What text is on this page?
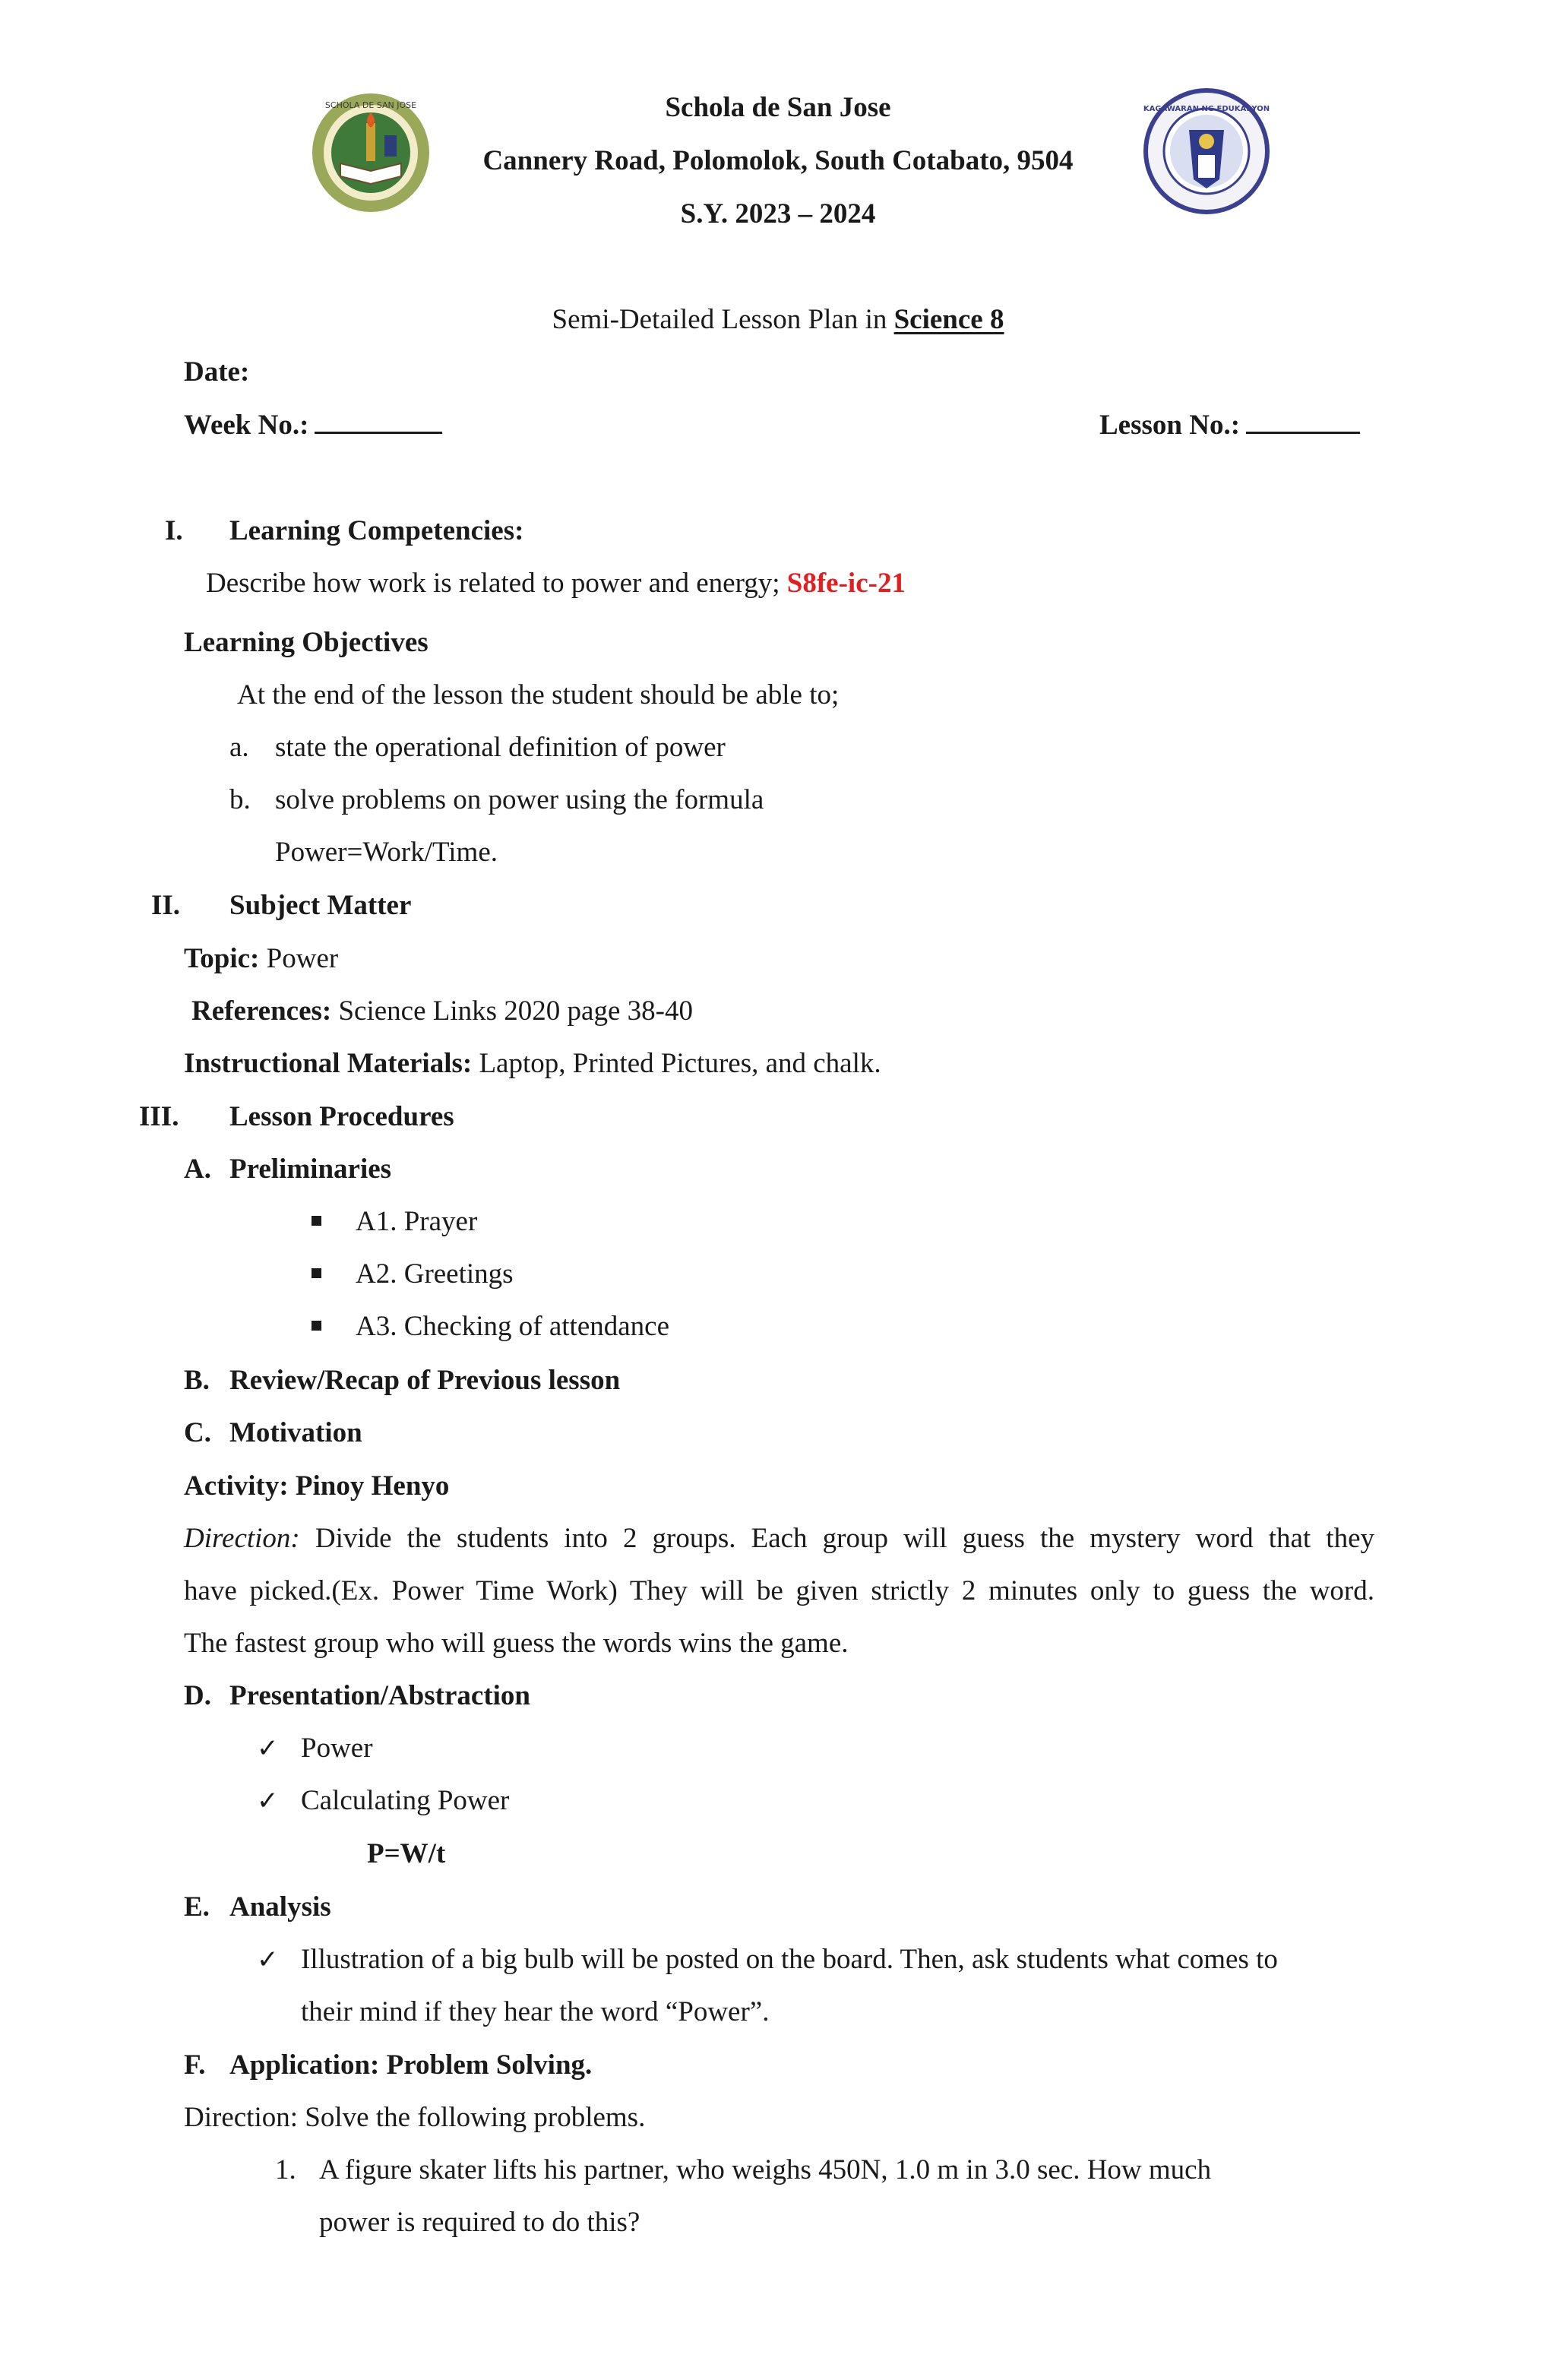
SCHOLA DE SAN JOSE	KAGAWARAN NG EDUKASYON
Schola de San Jose
Cannery Road, Polomolok, South Cotabato, 9504
S.Y. 2023 – 2024
Semi-Detailed Lesson Plan in Science 8
Date:
Week No.:	Lesson No.:
I. Learning Competencies:
Describe how work is related to power and energy; S8fe-ic-21
Learning Objectives
At the end of the lesson the student should be able to;
a. state the operational definition of power
b. solve problems on power using the formula
Power=Work/Time.
II. Subject Matter
Topic: Power
References: Science Links 2020 page 38-40
Instructional Materials: Laptop, Printed Pictures, and chalk.
III. Lesson Procedures
A. Preliminaries
A1. Prayer
A2. Greetings
A3. Checking of attendance
B. Review/Recap of Previous lesson
C. Motivation
Activity: Pinoy Henyo
Direction: Divide the students into 2 groups. Each group will guess the mystery word that they
have picked.(Ex. Power Time Work) They will be given strictly 2 minutes only to guess the word.
The fastest group who will guess the words wins the game.
D. Presentation/Abstraction
✓ Power
✓ Calculating Power
P=W/t
E. Analysis
✓ Illustration of a big bulb will be posted on the board. Then, ask students what comes to
their mind if they hear the word “Power”.
F. Application: Problem Solving.
Direction: Solve the following problems.
1. A figure skater lifts his partner, who weighs 450N, 1.0 m in 3.0 sec. How much
power is required to do this?
